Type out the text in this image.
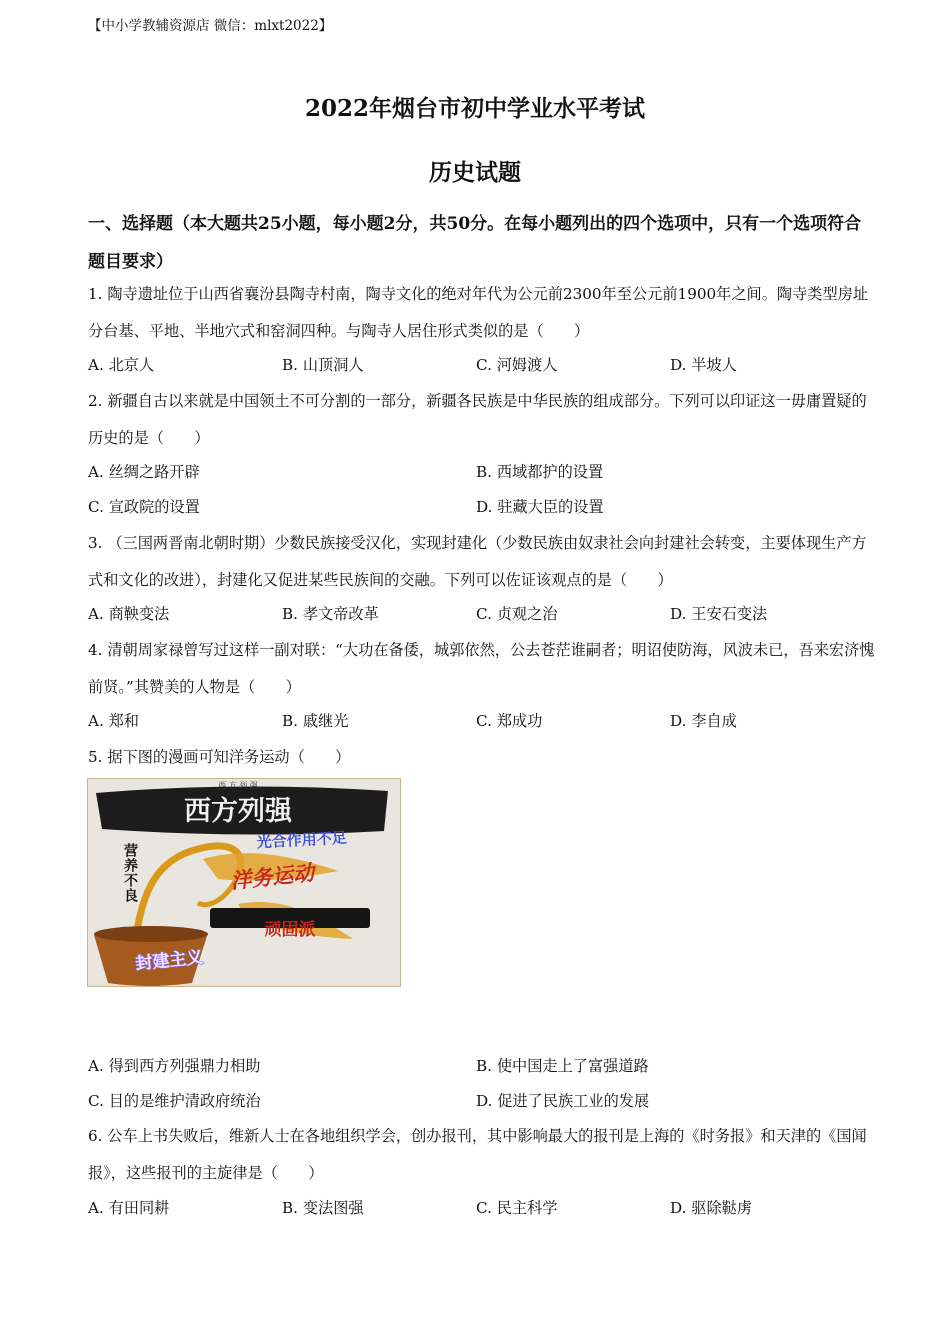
【中小学教辅资源店 微信：mlxt2022】
2022年烟台市初中学业水平考试
历史试题
一、选择题（本大题共25小题，每小题2分，共50分。在每小题列出的四个选项中，只有一个选项符合题目要求）
1. 陶寺遗址位于山西省襄汾县陶寺村南，陶寺文化的绝对年代为公元前2300年至公元前1900年之间。陶寺类型房址分台基、平地、半地穴式和窑洞四种。与陶寺人居住形式类似的是（　　）
A. 北京人	B. 山顶洞人	C. 河姆渡人	D. 半坡人
2. 新疆自古以来就是中国领土不可分割的一部分，新疆各民族是中华民族的组成部分。下列可以印证这一毋庸置疑的历史的是（　　）
A. 丝绸之路开辟	B. 西域都护的设置
C. 宣政院的设置	D. 驻藏大臣的设置
3. （三国两晋南北朝时期）少数民族接受汉化，实现封建化（少数民族由奴隶社会向封建社会转变，主要体现生产方式和文化的改进），封建化又促进某些民族间的交融。下列可以佐证该观点的是（　　）
A. 商鞅变法	B. 孝文帝改革	C. 贞观之治	D. 王安石变法
4. 清朝周家禄曾写过这样一副对联：“大功在备倭，城郭依然，公去苍茫谁嗣者；明诏使防海，风波未已，吾来宏济愧前贤。”其赞美的人物是（　　）
A. 郑和	B. 戚继光	C. 郑成功	D. 李自成
5. 据下图的漫画可知洋务运动（　　）
西 方 列 强
西方列强
光合作用不足
洋务运动
顽固派
营养不良
封建主义
A. 得到西方列强鼎力相助	B. 使中国走上了富强道路
C. 目的是维护清政府统治	D. 促进了民族工业的发展
6. 公车上书失败后，维新人士在各地组织学会，创办报刊，其中影响最大的报刊是上海的《时务报》和天津的《国闻报》，这些报刊的主旋律是（　　）
A. 有田同耕	B. 变法图强	C. 民主科学	D. 驱除鞑虏
